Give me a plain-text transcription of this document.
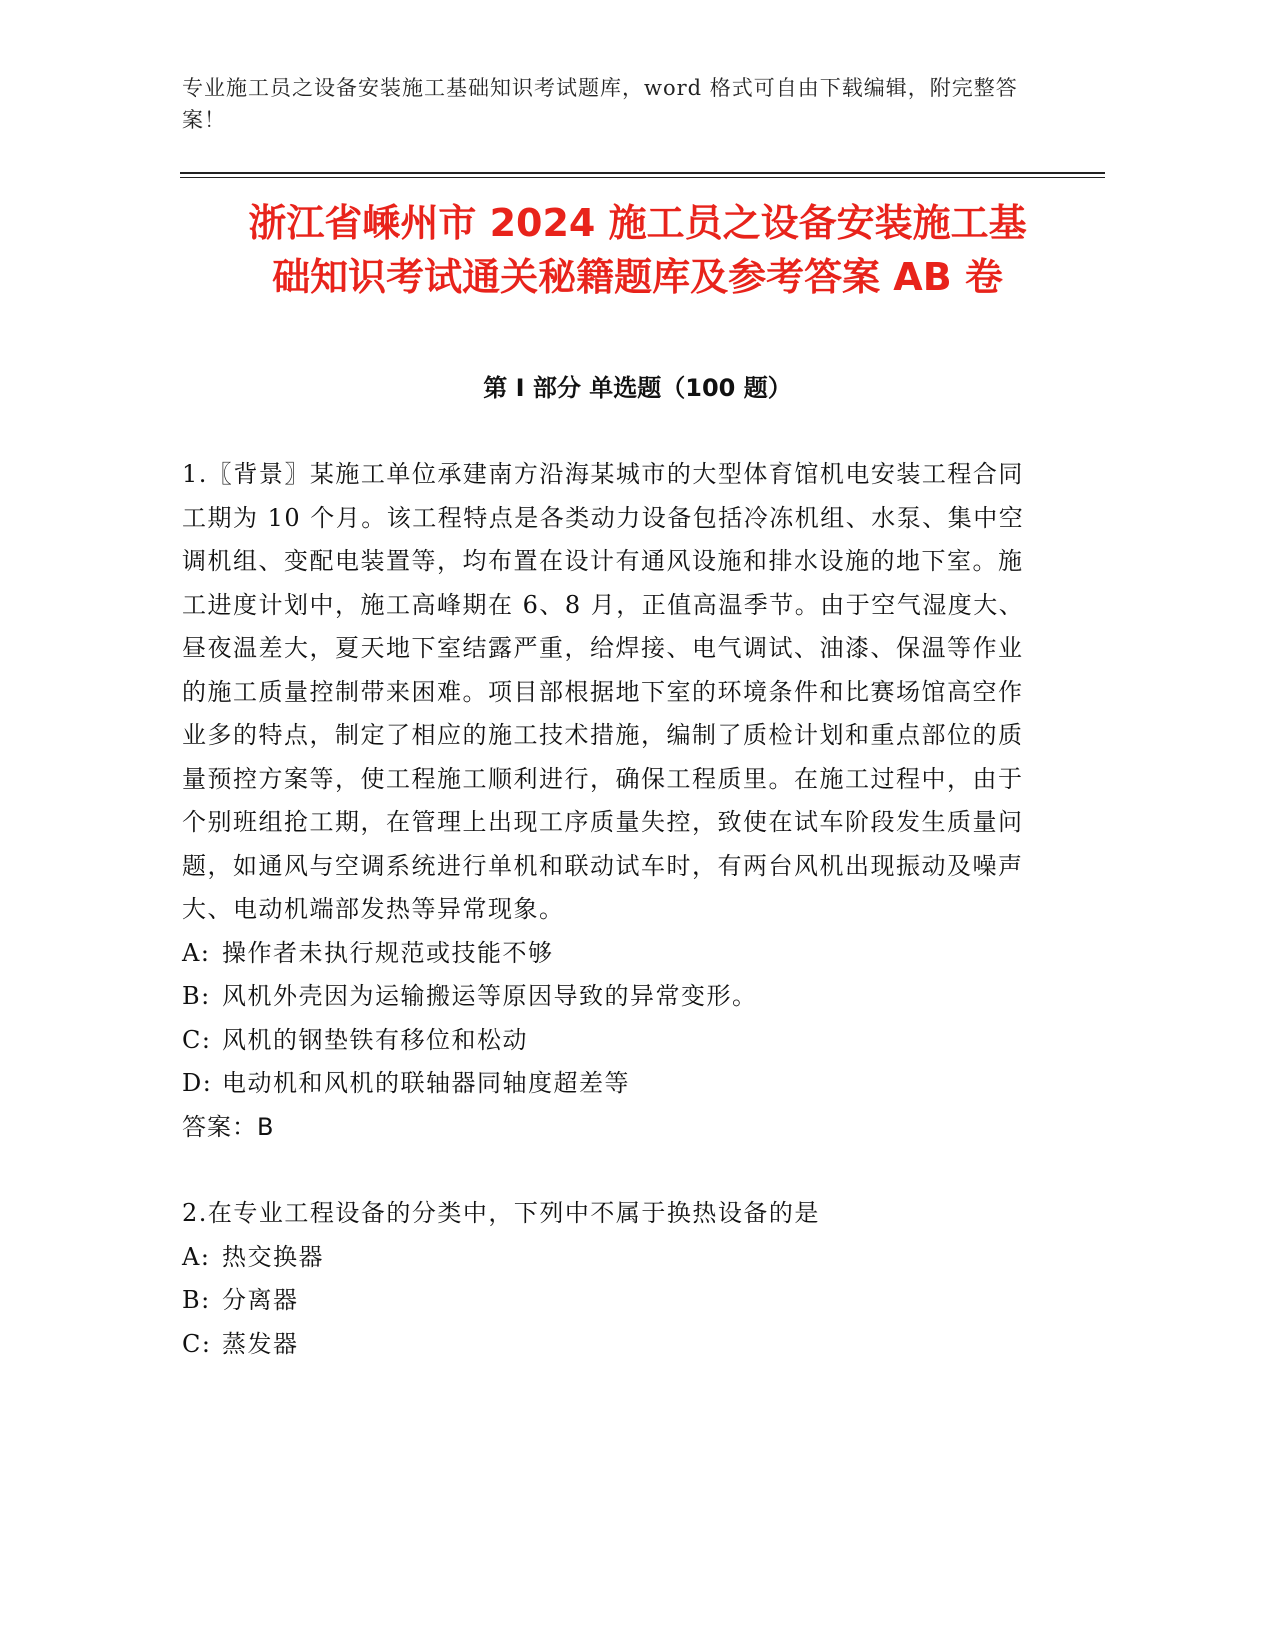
专业施工员之设备安装施工基础知识考试题库，word 格式可自由下载编辑，附完整答案！
浙江省嵊州市 2024 施工员之设备安装施工基
础知识考试通关秘籍题库及参考答案 AB 卷
第 I 部分 单选题（100 题）

1.〖背景〗某施工单位承建南方沿海某城市的大型体育馆机电安装工程合同工期为 10 个月。该工程特点是各类动力设备包括冷冻机组、水泵、集中空调机组、变配电装置等，均布置在设计有通风设施和排水设施的地下室。施工进度计划中，施工高峰期在 6、8 月，正值高温季节。由于空气湿度大、昼夜温差大，夏天地下室结露严重，给焊接、电气调试、油漆、保温等作业的施工质量控制带来困难。项目部根据地下室的环境条件和比赛场馆高空作业多的特点，制定了相应的施工技术措施，编制了质检计划和重点部位的质量预控方案等，使工程施工顺利进行，确保工程质里。在施工过程中，由于个别班组抢工期，在管理上出现工序质量失控，致使在试车阶段发生质量问题，如通风与空调系统进行单机和联动试车时，有两台风机出现振动及噪声大、电动机端部发热等异常现象。

A: 操作者未执行规范或技能不够
B: 风机外壳因为运输搬运等原因导致的异常变形。
C: 风机的钢垫铁有移位和松动
D: 电动机和风机的联轴器同轴度超差等
答案：B

2.在专业工程设备的分类中，下列中不属于换热设备的是

A: 热交换器
B: 分离器
C: 蒸发器
